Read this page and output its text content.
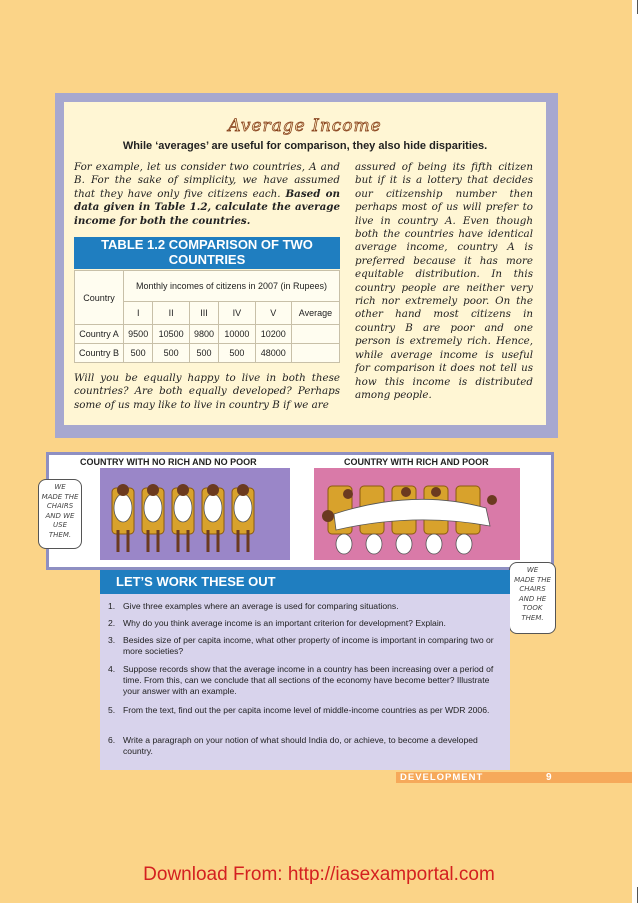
Average Income
While ‘averages’ are useful for comparison, they also hide disparities.
For example, let us consider two countries, A and B. For the sake of simplicity, we have assumed that they have only five citizens each. Based on data given in Table 1.2, calculate the average income for both the countries.
TABLE 1.2 COMPARISON OF TWO
COUNTRIES
Country	Monthly incomes of citizens in 2007 (in Rupees)					
	I	II	III	IV	V	Average
Country A	9500	10500	9800	10000	10200	
Country B	500	500	500	500	48000	
Will you be equally happy to live in both these countries? Are both equally developed? Perhaps some of us may like to live in country B if we are
assured of being its fifth citizen but if it is a lottery that decides our citizenship number then perhaps most of us will prefer to live in country A. Even though both the countries have identical average income, country A is preferred because it has more equitable distribution. In this country people are neither very rich nor extremely poor. On the other hand most citizens in country B are poor and one person is extremely rich. Hence, while average income is useful for comparison it does not tell us how this income is distributed among people.
COUNTRY WITH NO RICH AND NO POOR	COUNTRY WITH RICH AND POOR
WE
MADE THE
CHAIRS
AND WE
USE
THEM.
WE
MADE THE
CHAIRS
AND HE
TOOK
THEM.
LET’S WORK THESE OUT
1. Give three examples where an average is used for comparing situations.
2. Why do you think average income is an important criterion for development? Explain.
3. Besides size of per capita income, what other property of income is important in comparing two or more societies?
4. Suppose records show that the average income in a country has been increasing over a period of time. From this, can we conclude that all sections of the economy have become better? Illustrate your answer with an example.
5. From the text, find out the per capita income level of middle-income countries as per WDR 2006.
6. Write a paragraph on your notion of what should India do, or achieve, to become a developed country.
DEVELOPMENT	9
Download From: http://iasexamportal.com
